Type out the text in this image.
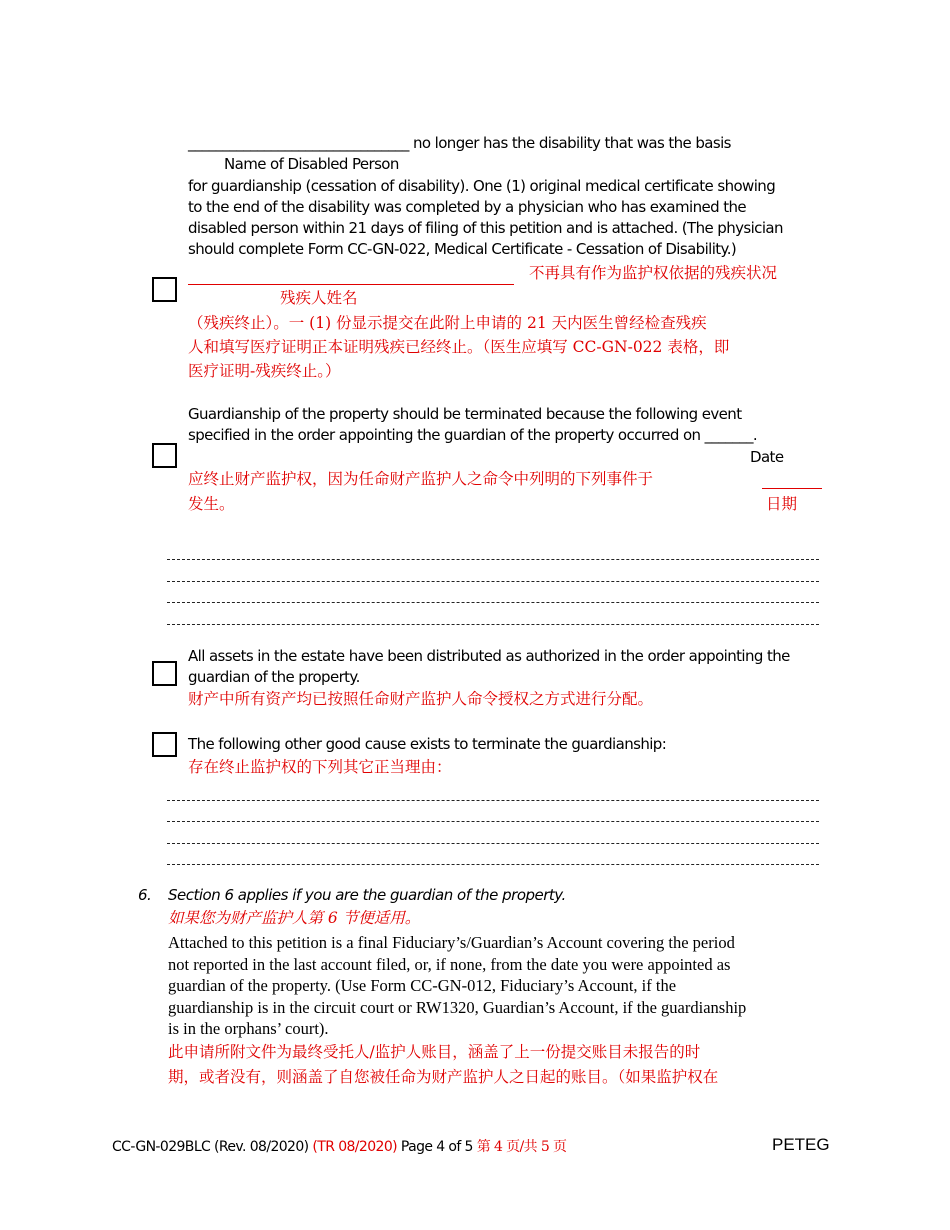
________________________________ no longer has the disability that was the basis
Name of Disabled Person
for guardianship (cessation of disability). One (1) original medical certificate showing
to the end of the disability was completed by a physician who has examined the
disabled person within 21 days of filing of this petition and is attached. (The physician
should complete Form CC-GN-022, Medical Certificate - Cessation of Disability.)
不再具有作为监护权依据的残疾状况
残疾人姓名
（残疾终止）。一 (1) 份显示提交在此附上申请的 21 天内医生曾经检查残疾
人和填写医疗证明正本证明残疾已经终止。（医生应填写 CC-GN-022 表格，即
医疗证明-残疾终止。）
Guardianship of the property should be terminated because the following event
specified in the order appointing the guardian of the property occurred on _______.
Date
应终止财产监护权，因为任命财产监护人之命令中列明的下列事件于
发生。	日期
All assets in the estate have been distributed as authorized in the order appointing the
guardian of the property.
财产中所有资产均已按照任命财产监护人命令授权之方式进行分配。
The following other good cause exists to terminate the guardianship:
存在终止监护权的下列其它正当理由：
6. Section 6 applies if you are the guardian of the property.
如果您为财产监护人第 6 节便适用。
Attached to this petition is a final Fiduciary’s/Guardian’s Account covering the period
not reported in the last account filed, or, if none, from the date you were appointed as
guardian of the property. (Use Form CC-GN-012, Fiduciary’s Account, if the
guardianship is in the circuit court or RW1320, Guardian’s Account, if the guardianship
is in the orphans’ court).
此申请所附文件为最终受托人/监护人账目，涵盖了上一份提交账目未报告的时
期，或者没有，则涵盖了自您被任命为财产监护人之日起的账目。（如果监护权在
CC-GN-029BLC (Rev. 08/2020) (TR 08/2020) Page 4 of 5 第 4 页/共 5 页	PETEG
